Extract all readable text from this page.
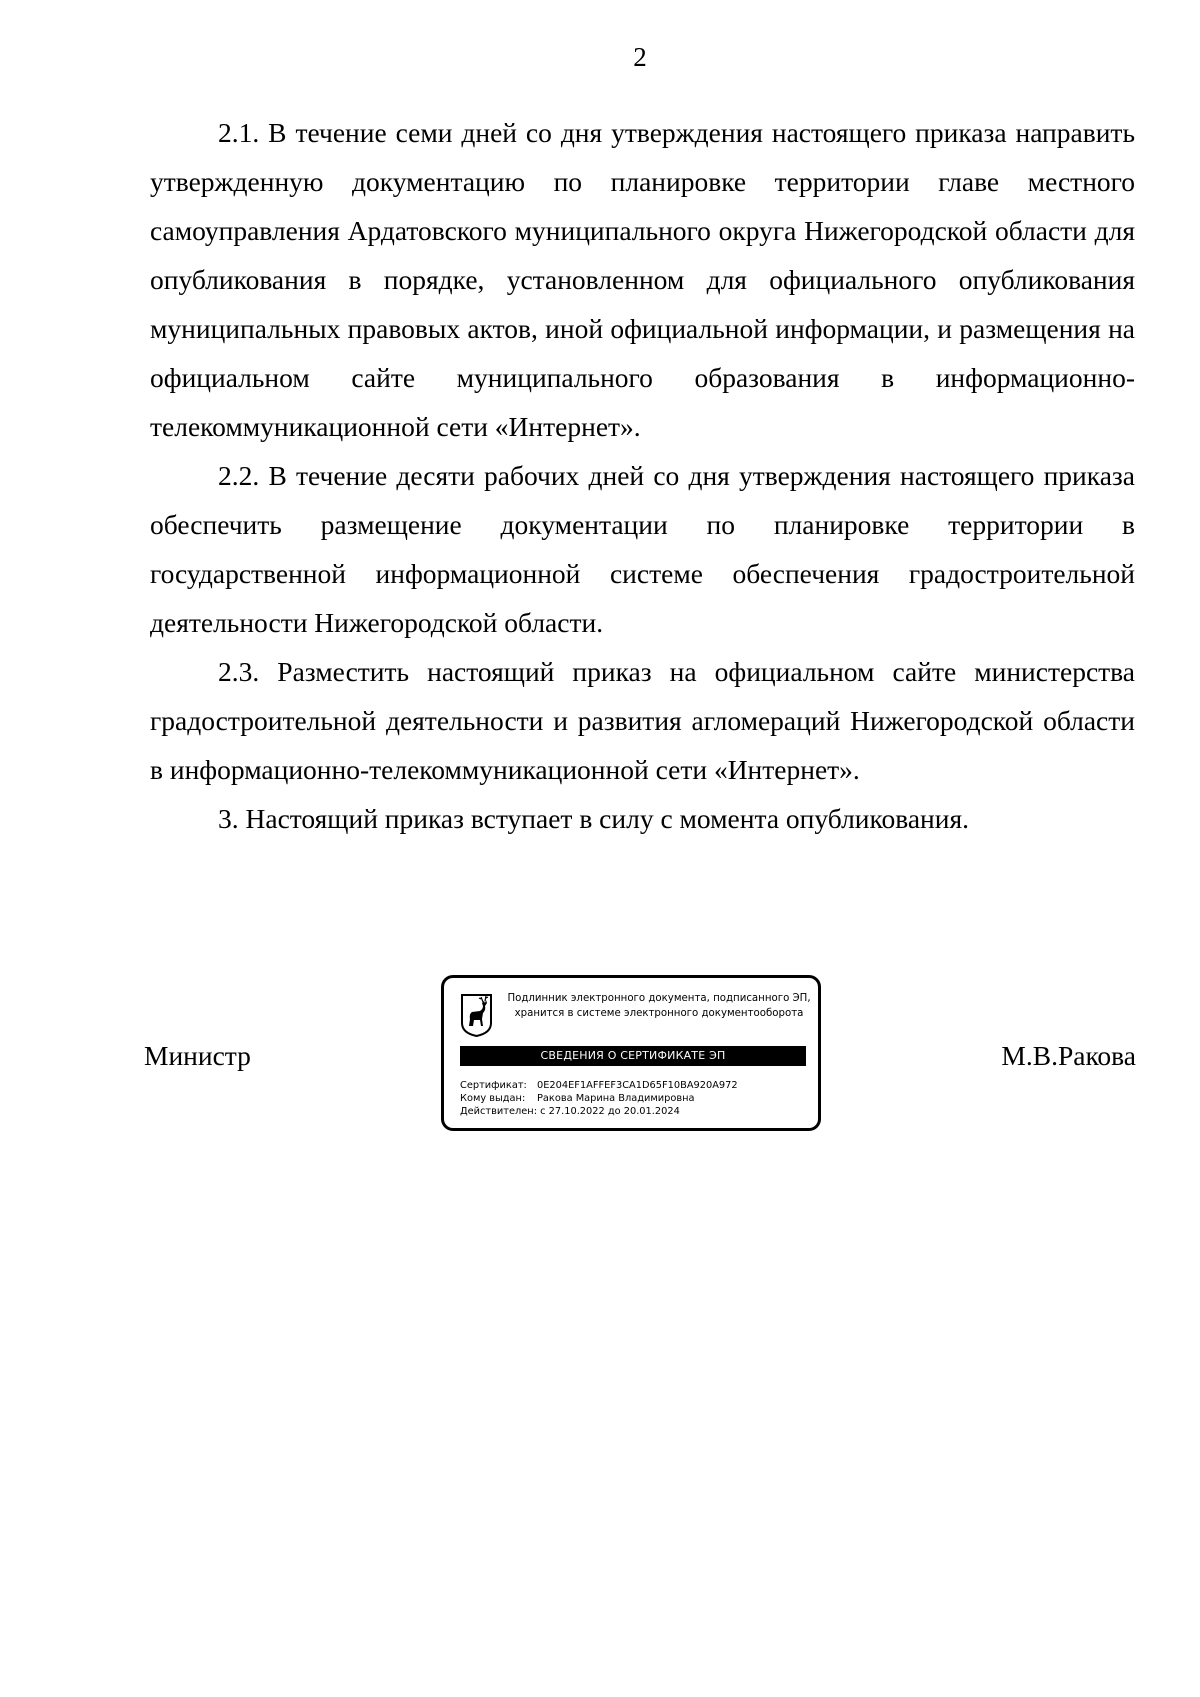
2

2.1. В течение семи дней со дня утверждения настоящего приказа направить утвержденную документацию по планировке территории главе местного самоуправления Ардатовского муниципального округа Нижегородской области для опубликования в порядке, установленном для официального опубликования муниципальных правовых актов, иной официальной информации, и размещения на официальном сайте муниципального образования в информационно-телекоммуникационной сети «Интернет».

2.2. В течение десяти рабочих дней со дня утверждения настоящего приказа обеспечить размещение документации по планировке территории в государственной информационной системе обеспечения градостроительной деятельности Нижегородской области.

2.3. Разместить настоящий приказ на официальном сайте министерства градостроительной деятельности и развития агломераций Нижегородской области в информационно-телекоммуникационной сети «Интернет».

3. Настоящий приказ вступает в силу с момента опубликования.

Министр	М.В.Ракова
Подлинник электронного документа, подписанного ЭП,
хранится в системе электронного документооборота
СВЕДЕНИЯ О СЕРТИФИКАТЕ ЭП
Сертификат: 0E204EF1AFFEF3CA1D65F10BA920A972
Кому выдан: Ракова Марина Владимировна
Действителен: с 27.10.2022 до 20.01.2024
